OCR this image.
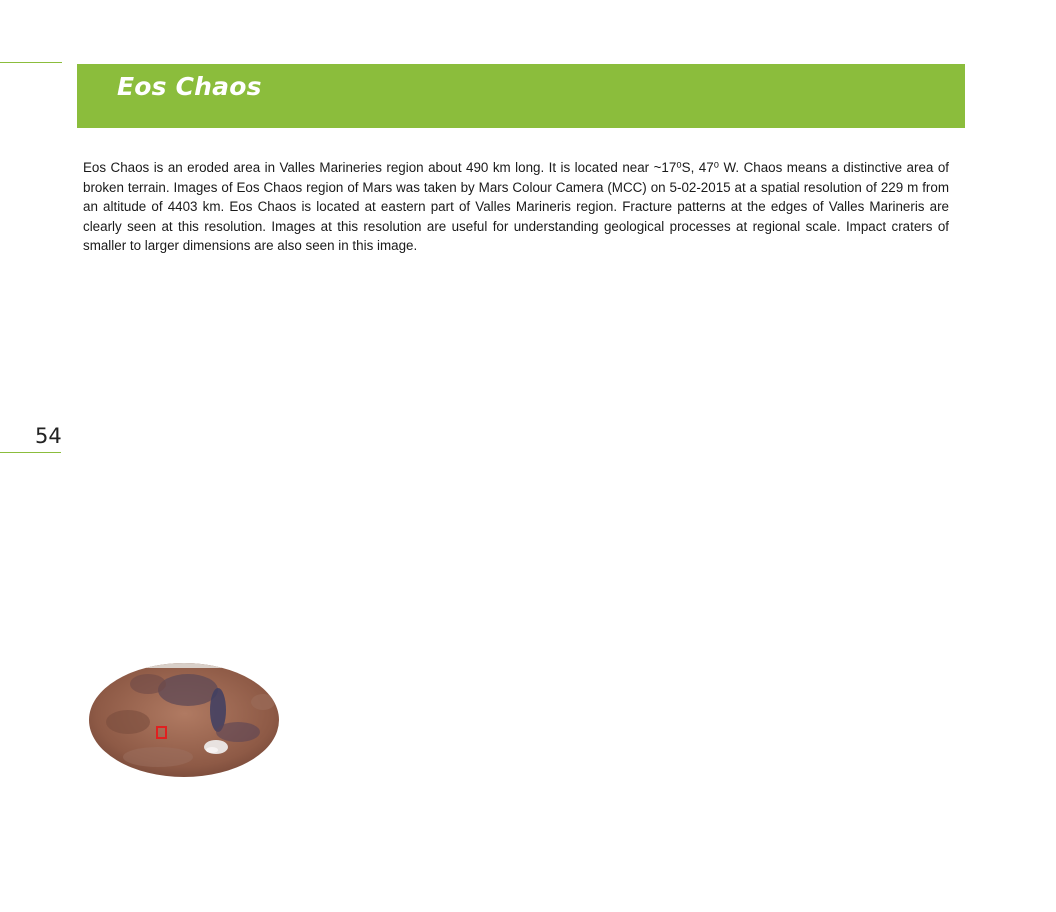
Eos Chaos

Eos Chaos is an eroded area in Valles Marineries region about 490 km long. It is located near ~17⁰S, 47⁰ W. Chaos means a distinctive area of broken terrain. Images of Eos Chaos region of Mars was taken by Mars Colour Camera (MCC) on 5-02-2015 at a spatial resolution of 229 m from an altitude of 4403 km. Eos Chaos is located at eastern part of Valles Marineris region. Fracture patterns at the edges of Valles Marineris are clearly seen at this resolution. Images at this resolution are useful for understanding geological processes at regional scale. Impact craters of smaller to larger dimensions are also seen in this image.

54
